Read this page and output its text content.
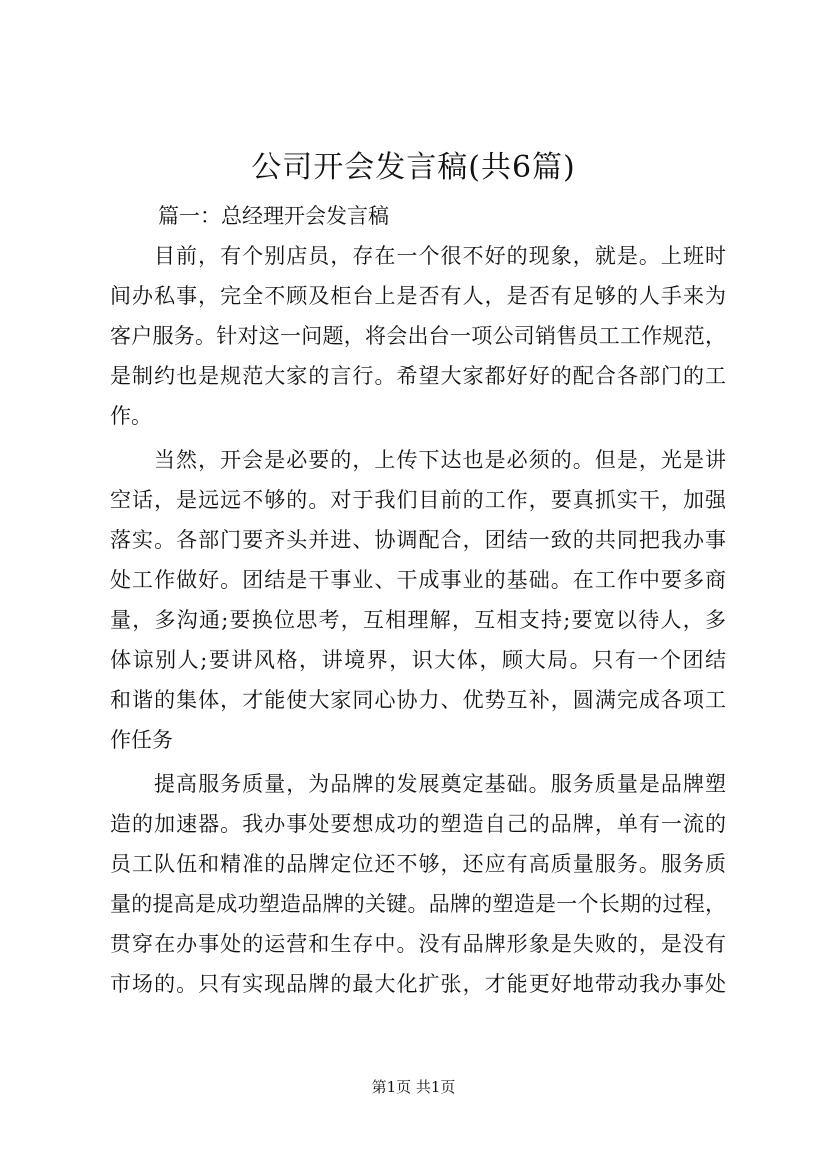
公司开会发言稿(共6篇)
篇一：总经理开会发言稿
目前，有个别店员，存在一个很不好的现象，就是。上班时
间办私事，完全不顾及柜台上是否有人，是否有足够的人手来为
客户服务。针对这一问题，将会出台一项公司销售员工工作规范，
是制约也是规范大家的言行。希望大家都好好的配合各部门的工
作。
当然，开会是必要的，上传下达也是必须的。但是，光是讲
空话，是远远不够的。对于我们目前的工作，要真抓实干，加强
落实。各部门要齐头并进、协调配合，团结一致的共同把我办事
处工作做好。团结是干事业、干成事业的基础。在工作中要多商
量，多沟通;要换位思考，互相理解，互相支持;要宽以待人，多
体谅别人;要讲风格，讲境界，识大体，顾大局。只有一个团结
和谐的集体，才能使大家同心协力、优势互补，圆满完成各项工
作任务
提高服务质量，为品牌的发展奠定基础。服务质量是品牌塑
造的加速器。我办事处要想成功的塑造自己的品牌，单有一流的
员工队伍和精准的品牌定位还不够，还应有高质量服务。服务质
量的提高是成功塑造品牌的关键。品牌的塑造是一个长期的过程，
贯穿在办事处的运营和生存中。没有品牌形象是失败的，是没有
市场的。只有实现品牌的最大化扩张，才能更好地带动我办事处
第1页 共1页
